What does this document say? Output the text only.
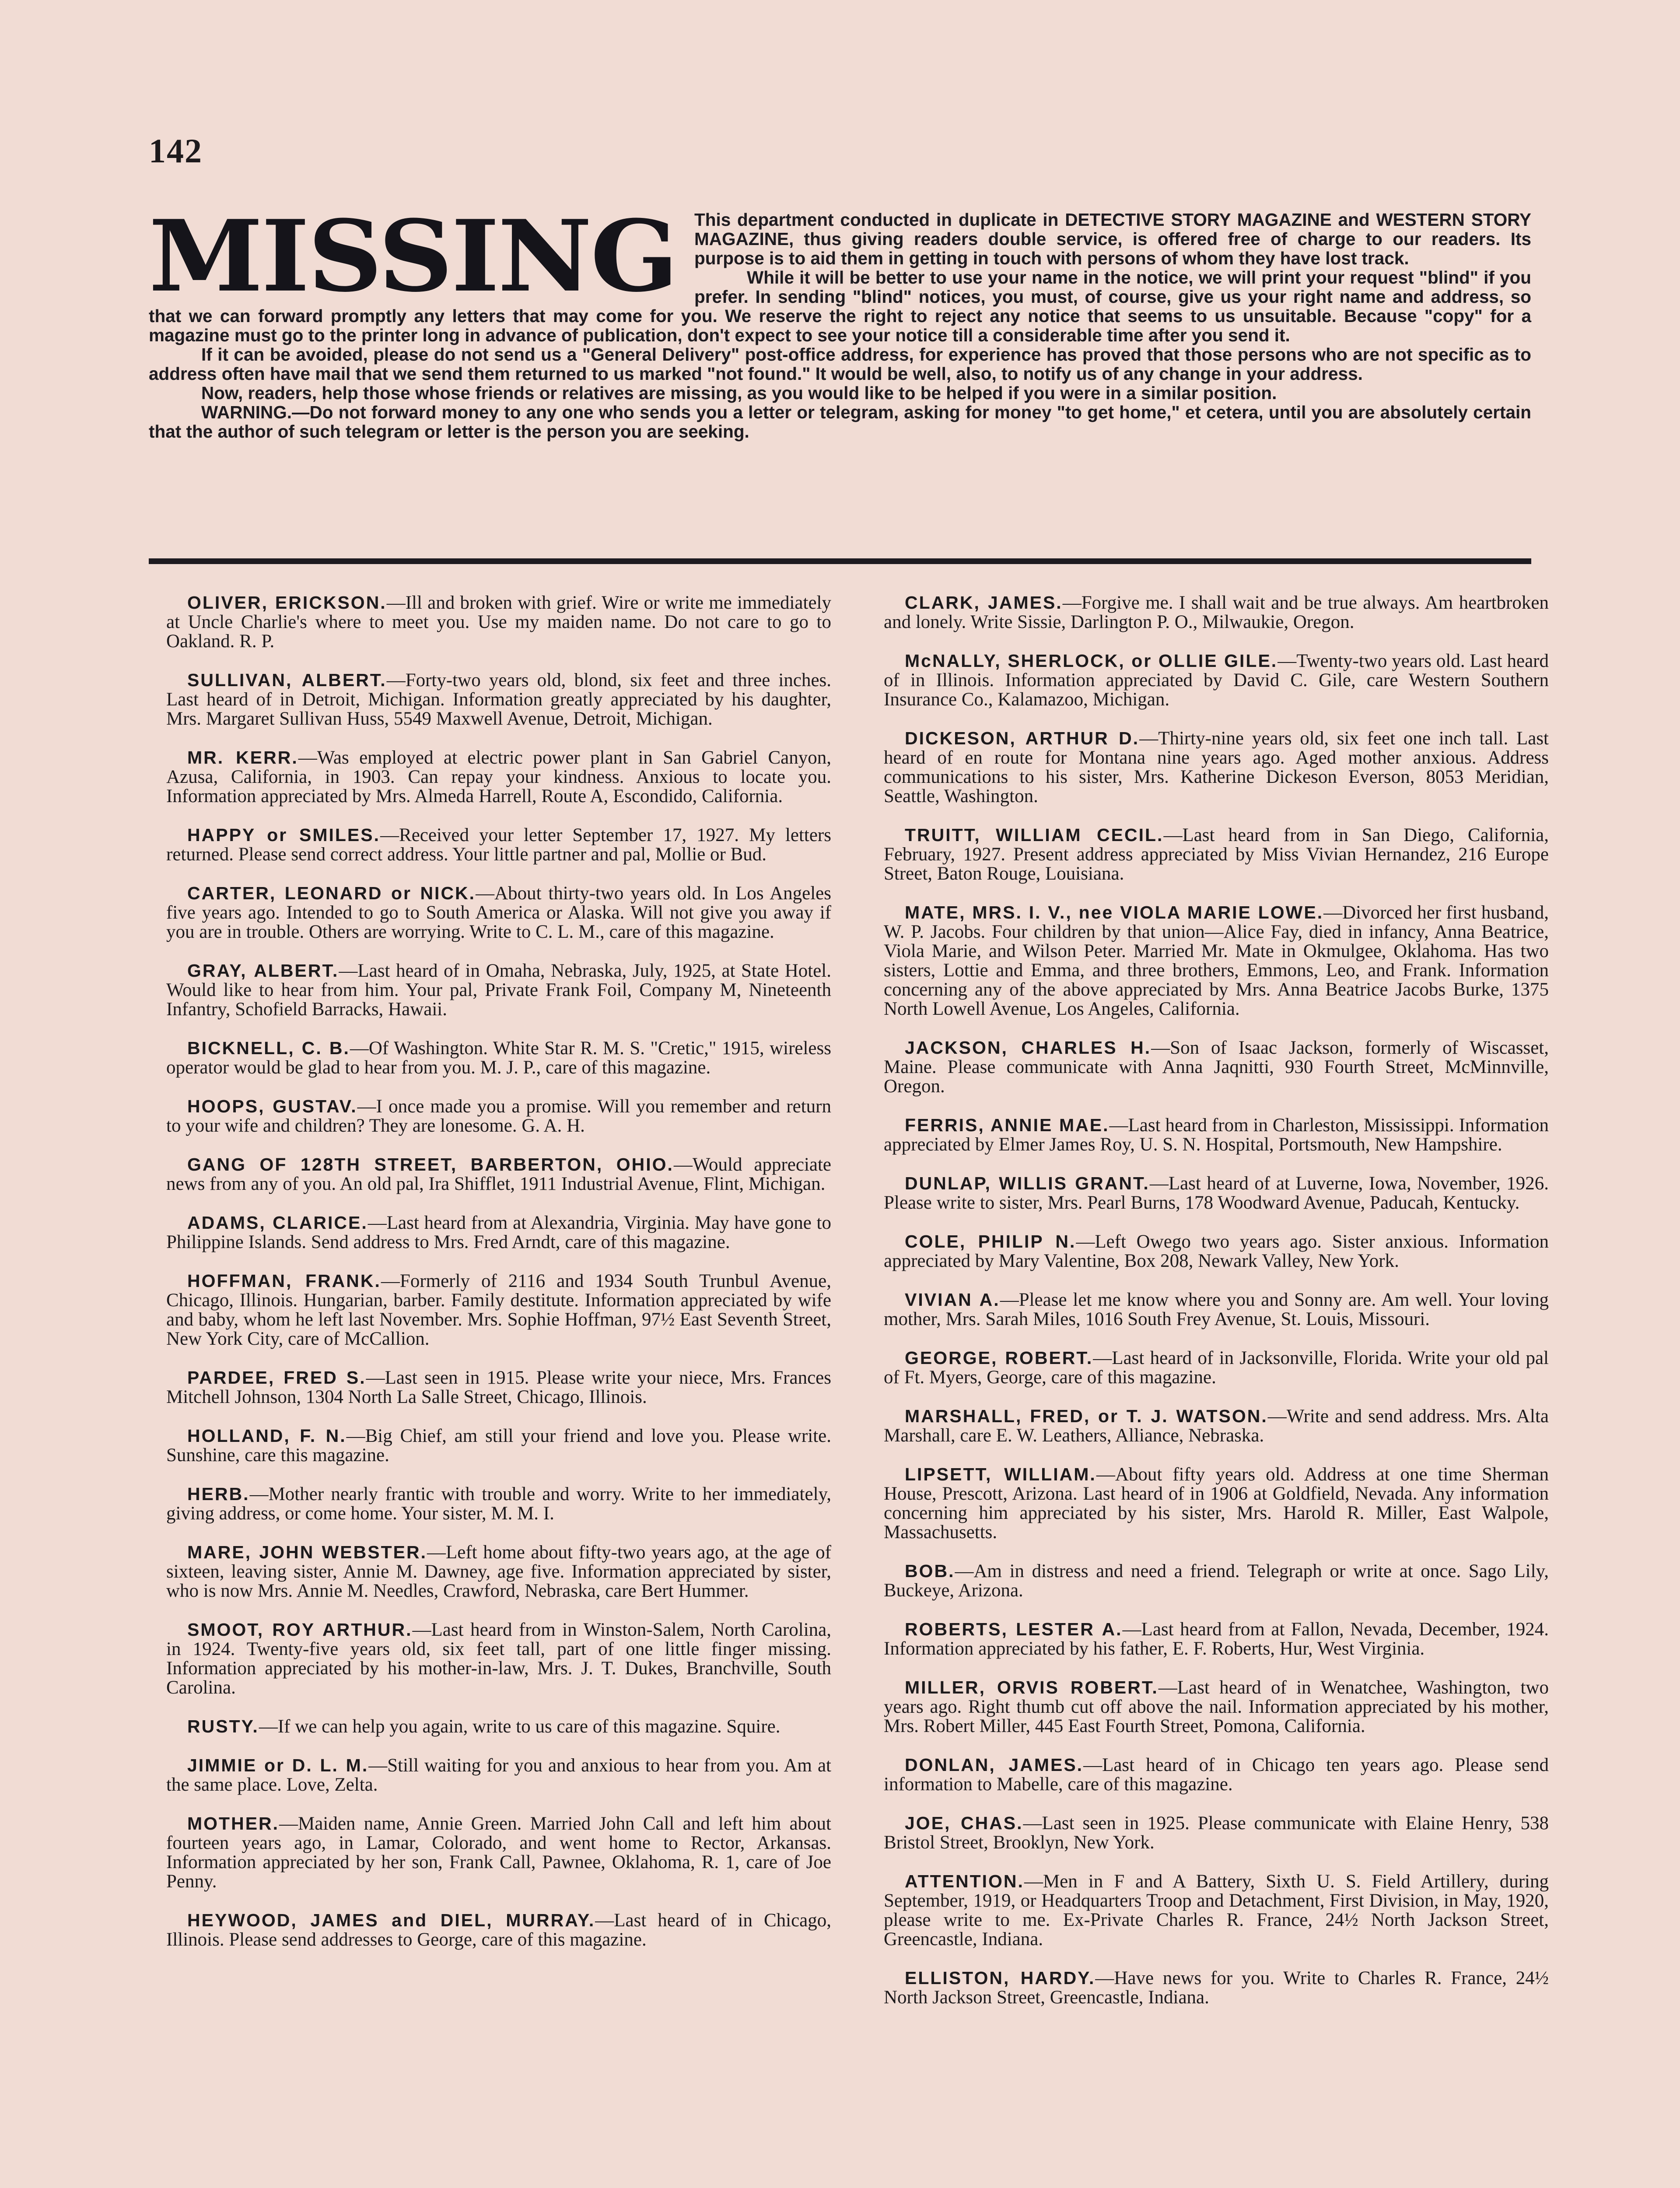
142
MISSING This department conducted in duplicate in DETECTIVE STORY MAGAZINE and WESTERN STORY MAGAZINE, thus giving readers double service, is offered free of charge to our readers. Its purpose is to aid them in getting in touch with persons of whom they have lost track.

While it will be better to use your name in the notice, we will print your request "blind" if you prefer. In sending "blind" notices, you must, of course, give us your right name and address, so that we can forward promptly any letters that may come for you. We reserve the right to reject any notice that seems to us unsuitable. Because "copy" for a magazine must go to the printer long in advance of publication, don't expect to see your notice till a considerable time after you send it.

If it can be avoided, please do not send us a "General Delivery" post-office address, for experience has proved that those persons who are not specific as to address often have mail that we send them returned to us marked "not found." It would be well, also, to notify us of any change in your address.

Now, readers, help those whose friends or relatives are missing, as you would like to be helped if you were in a similar position.

WARNING.—Do not forward money to any one who sends you a letter or telegram, asking for money "to get home," et cetera, until you are absolutely certain that the author of such telegram or letter is the person you are seeking.

OLIVER, ERICKSON.—Ill and broken with grief. Wire or write me immediately at Uncle Charlie's where to meet you. Use my maiden name. Do not care to go to Oakland. R. P.

SULLIVAN, ALBERT.—Forty-two years old, blond, six feet and three inches. Last heard of in Detroit, Michigan. Information greatly appreciated by his daughter, Mrs. Margaret Sullivan Huss, 5549 Maxwell Avenue, Detroit, Michigan.

MR. KERR.—Was employed at electric power plant in San Gabriel Canyon, Azusa, California, in 1903. Can repay your kindness. Anxious to locate you. Information appreciated by Mrs. Almeda Harrell, Route A, Escondido, California.

HAPPY or SMILES.—Received your letter September 17, 1927. My letters returned. Please send correct address. Your little partner and pal, Mollie or Bud.

CARTER, LEONARD or NICK.—About thirty-two years old. In Los Angeles five years ago. Intended to go to South America or Alaska. Will not give you away if you are in trouble. Others are worrying. Write to C. L. M., care of this magazine.

GRAY, ALBERT.—Last heard of in Omaha, Nebraska, July, 1925, at State Hotel. Would like to hear from him. Your pal, Private Frank Foil, Company M, Nineteenth Infantry, Schofield Barracks, Hawaii.

BICKNELL, C. B.—Of Washington. White Star R. M. S. "Cretic," 1915, wireless operator would be glad to hear from you. M. J. P., care of this magazine.

HOOPS, GUSTAV.—I once made you a promise. Will you remember and return to your wife and children? They are lonesome. G. A. H.

GANG OF 128TH STREET, BARBERTON, OHIO.—Would appreciate news from any of you. An old pal, Ira Shifflet, 1911 Industrial Avenue, Flint, Michigan.

ADAMS, CLARICE.—Last heard from at Alexandria, Virginia. May have gone to Philippine Islands. Send address to Mrs. Fred Arndt, care of this magazine.

HOFFMAN, FRANK.—Formerly of 2116 and 1934 South Trunbul Avenue, Chicago, Illinois. Hungarian, barber. Family destitute. Information appreciated by wife and baby, whom he left last November. Mrs. Sophie Hoffman, 97½ East Seventh Street, New York City, care of McCallion.

PARDEE, FRED S.—Last seen in 1915. Please write your niece, Mrs. Frances Mitchell Johnson, 1304 North La Salle Street, Chicago, Illinois.

HOLLAND, F. N.—Big Chief, am still your friend and love you. Please write. Sunshine, care this magazine.

HERB.—Mother nearly frantic with trouble and worry. Write to her immediately, giving address, or come home. Your sister, M. M. I.

MARE, JOHN WEBSTER.—Left home about fifty-two years ago, at the age of sixteen, leaving sister, Annie M. Dawney, age five. Information appreciated by sister, who is now Mrs. Annie M. Needles, Crawford, Nebraska, care Bert Hummer.

SMOOT, ROY ARTHUR.—Last heard from in Winston-Salem, North Carolina, in 1924. Twenty-five years old, six feet tall, part of one little finger missing. Information appreciated by his mother-in-law, Mrs. J. T. Dukes, Branchville, South Carolina.

RUSTY.—If we can help you again, write to us care of this magazine. Squire.

JIMMIE or D. L. M.—Still waiting for you and anxious to hear from you. Am at the same place. Love, Zelta.

MOTHER.—Maiden name, Annie Green. Married John Call and left him about fourteen years ago, in Lamar, Colorado, and went home to Rector, Arkansas. Information appreciated by her son, Frank Call, Pawnee, Oklahoma, R. 1, care of Joe Penny.

HEYWOOD, JAMES and DIEL, MURRAY.—Last heard of in Chicago, Illinois. Please send addresses to George, care of this magazine.

CLARK, JAMES.—Forgive me. I shall wait and be true always. Am heartbroken and lonely. Write Sissie, Darlington P. O., Milwaukie, Oregon.

McNALLY, SHERLOCK, or OLLIE GILE.—Twenty-two years old. Last heard of in Illinois. Information appreciated by David C. Gile, care Western Southern Insurance Co., Kalamazoo, Michigan.

DICKESON, ARTHUR D.—Thirty-nine years old, six feet one inch tall. Last heard of en route for Montana nine years ago. Aged mother anxious. Address communications to his sister, Mrs. Katherine Dickeson Everson, 8053 Meridian, Seattle, Washington.

TRUITT, WILLIAM CECIL.—Last heard from in San Diego, California, February, 1927. Present address appreciated by Miss Vivian Hernandez, 216 Europe Street, Baton Rouge, Louisiana.

MATE, MRS. I. V., nee VIOLA MARIE LOWE.—Divorced her first husband, W. P. Jacobs. Four children by that union—Alice Fay, died in infancy, Anna Beatrice, Viola Marie, and Wilson Peter. Married Mr. Mate in Okmulgee, Oklahoma. Has two sisters, Lottie and Emma, and three brothers, Emmons, Leo, and Frank. Information concerning any of the above appreciated by Mrs. Anna Beatrice Jacobs Burke, 1375 North Lowell Avenue, Los Angeles, California.

JACKSON, CHARLES H.—Son of Isaac Jackson, formerly of Wiscasset, Maine. Please communicate with Anna Jaqnitti, 930 Fourth Street, McMinnville, Oregon.

FERRIS, ANNIE MAE.—Last heard from in Charleston, Mississippi. Information appreciated by Elmer James Roy, U. S. N. Hospital, Portsmouth, New Hampshire.

DUNLAP, WILLIS GRANT.—Last heard of at Luverne, Iowa, November, 1926. Please write to sister, Mrs. Pearl Burns, 178 Woodward Avenue, Paducah, Kentucky.

COLE, PHILIP N.—Left Owego two years ago. Sister anxious. Information appreciated by Mary Valentine, Box 208, Newark Valley, New York.

VIVIAN A.—Please let me know where you and Sonny are. Am well. Your loving mother, Mrs. Sarah Miles, 1016 South Frey Avenue, St. Louis, Missouri.

GEORGE, ROBERT.—Last heard of in Jacksonville, Florida. Write your old pal of Ft. Myers, George, care of this magazine.

MARSHALL, FRED, or T. J. WATSON.—Write and send address. Mrs. Alta Marshall, care E. W. Leathers, Alliance, Nebraska.

LIPSETT, WILLIAM.—About fifty years old. Address at one time Sherman House, Prescott, Arizona. Last heard of in 1906 at Goldfield, Nevada. Any information concerning him appreciated by his sister, Mrs. Harold R. Miller, East Walpole, Massachusetts.

BOB.—Am in distress and need a friend. Telegraph or write at once. Sago Lily, Buckeye, Arizona.

ROBERTS, LESTER A.—Last heard from at Fallon, Nevada, December, 1924. Information appreciated by his father, E. F. Roberts, Hur, West Virginia.

MILLER, ORVIS ROBERT.—Last heard of in Wenatchee, Washington, two years ago. Right thumb cut off above the nail. Information appreciated by his mother, Mrs. Robert Miller, 445 East Fourth Street, Pomona, California.

DONLAN, JAMES.—Last heard of in Chicago ten years ago. Please send information to Mabelle, care of this magazine.

JOE, CHAS.—Last seen in 1925. Please communicate with Elaine Henry, 538 Bristol Street, Brooklyn, New York.

ATTENTION.—Men in F and A Battery, Sixth U. S. Field Artillery, during September, 1919, or Headquarters Troop and Detachment, First Division, in May, 1920, please write to me. Ex-Private Charles R. France, 24½ North Jackson Street, Greencastle, Indiana.

ELLISTON, HARDY.—Have news for you. Write to Charles R. France, 24½ North Jackson Street, Greencastle, Indiana.
